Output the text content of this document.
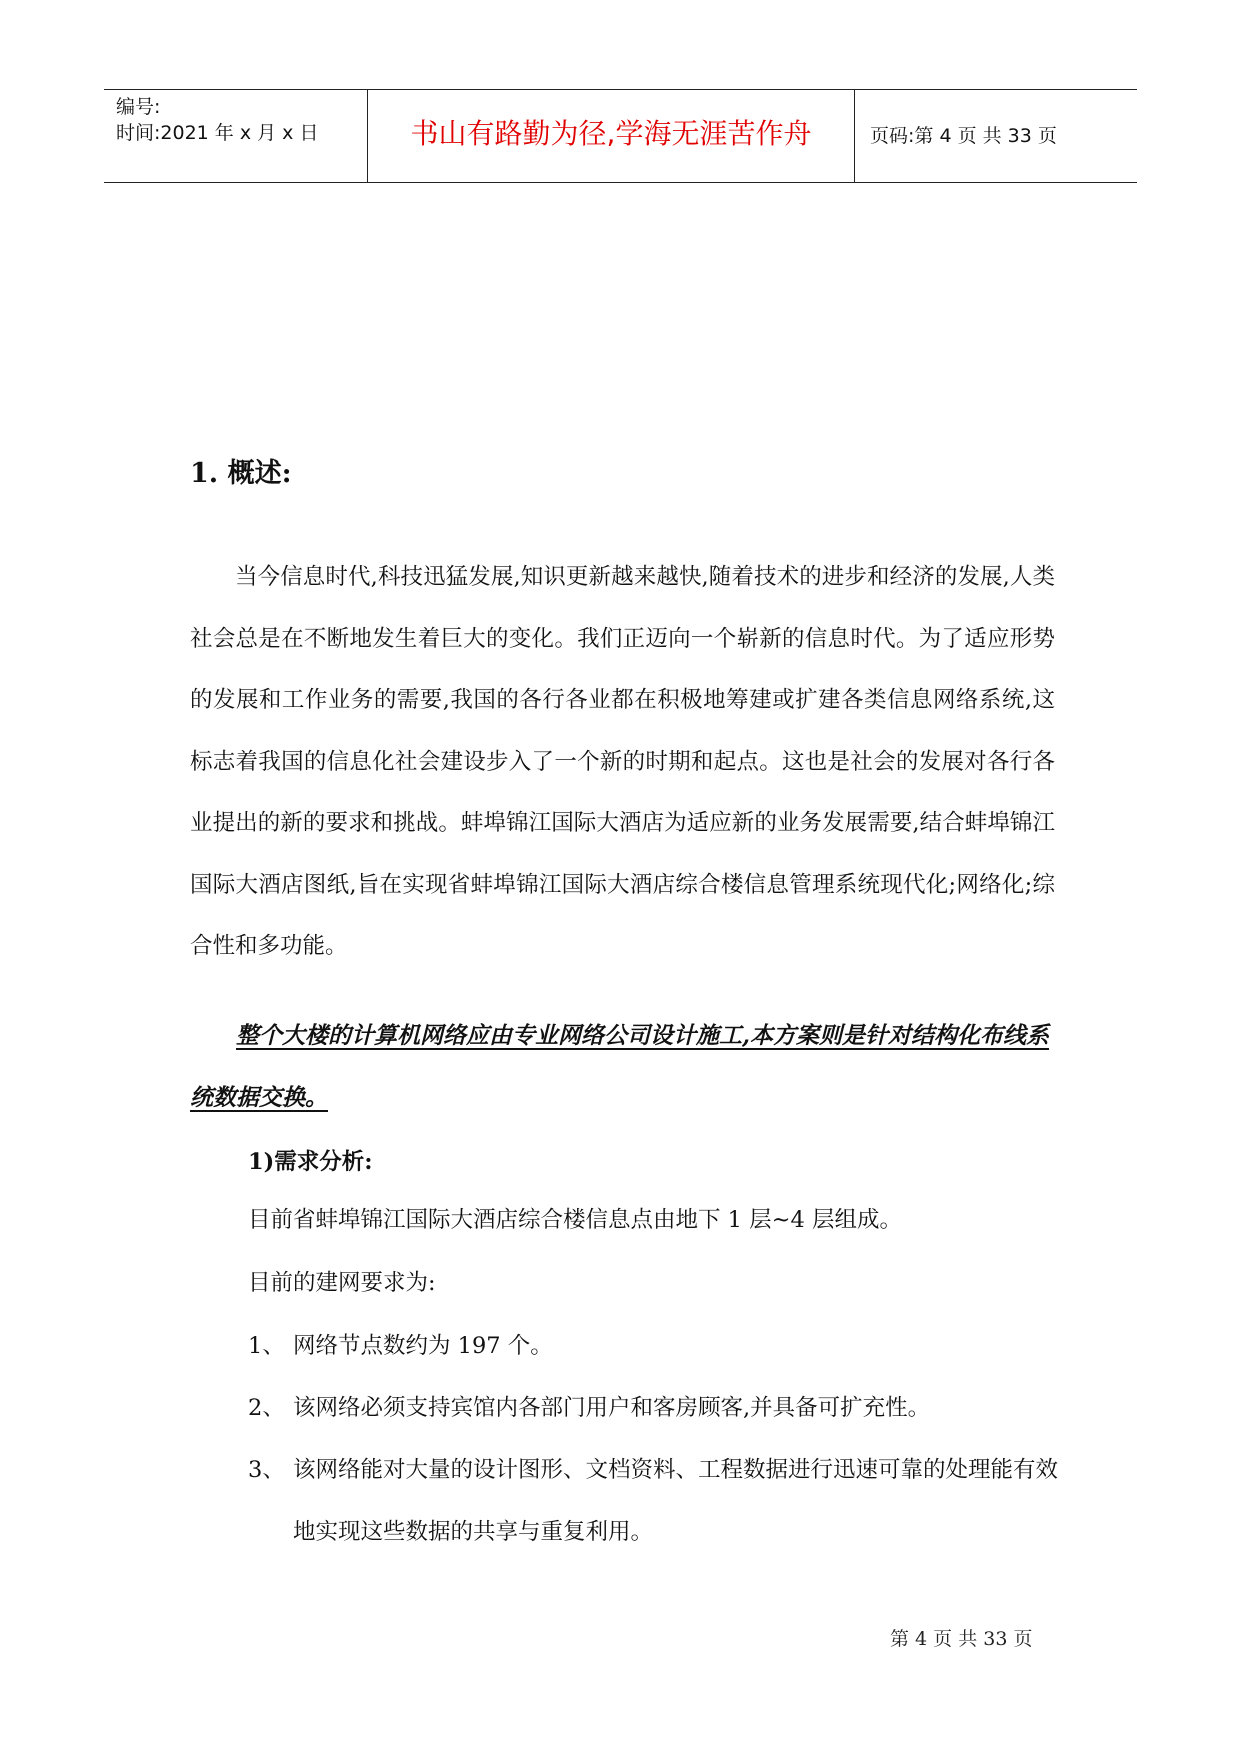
编号:
时间:2021 年 x 月 x 日	书山有路勤为径,学海无涯苦作舟	页码:第 4 页 共 33 页
1. 概述:

当今信息时代,科技迅猛发展,知识更新越来越快,随着技术的进步和经济的发展,人类社会总是在不断地发生着巨大的变化。我们正迈向一个崭新的信息时代。为了适应形势的发展和工作业务的需要,我国的各行各业都在积极地筹建或扩建各类信息网络系统,这标志着我国的信息化社会建设步入了一个新的时期和起点。这也是社会的发展对各行各业提出的新的要求和挑战。蚌埠锦江国际大酒店为适应新的业务发展需要,结合蚌埠锦江国际大酒店图纸,旨在实现省蚌埠锦江国际大酒店综合楼信息管理系统现代化;网络化;综合性和多功能。

整个大楼的计算机网络应由专业网络公司设计施工,本方案则是针对结构化布线系统数据交换。

1)需求分析:
目前省蚌埠锦江国际大酒店综合楼信息点由地下 1 层~4 层组成。
目前的建网要求为:
1、 网络节点数约为 197 个。
2、 该网络必须支持宾馆内各部门用户和客房顾客,并具备可扩充性。
3、 该网络能对大量的设计图形、文档资料、工程数据进行迅速可靠的处理能有效地实现这些数据的共享与重复利用。
第 4 页 共 33 页
